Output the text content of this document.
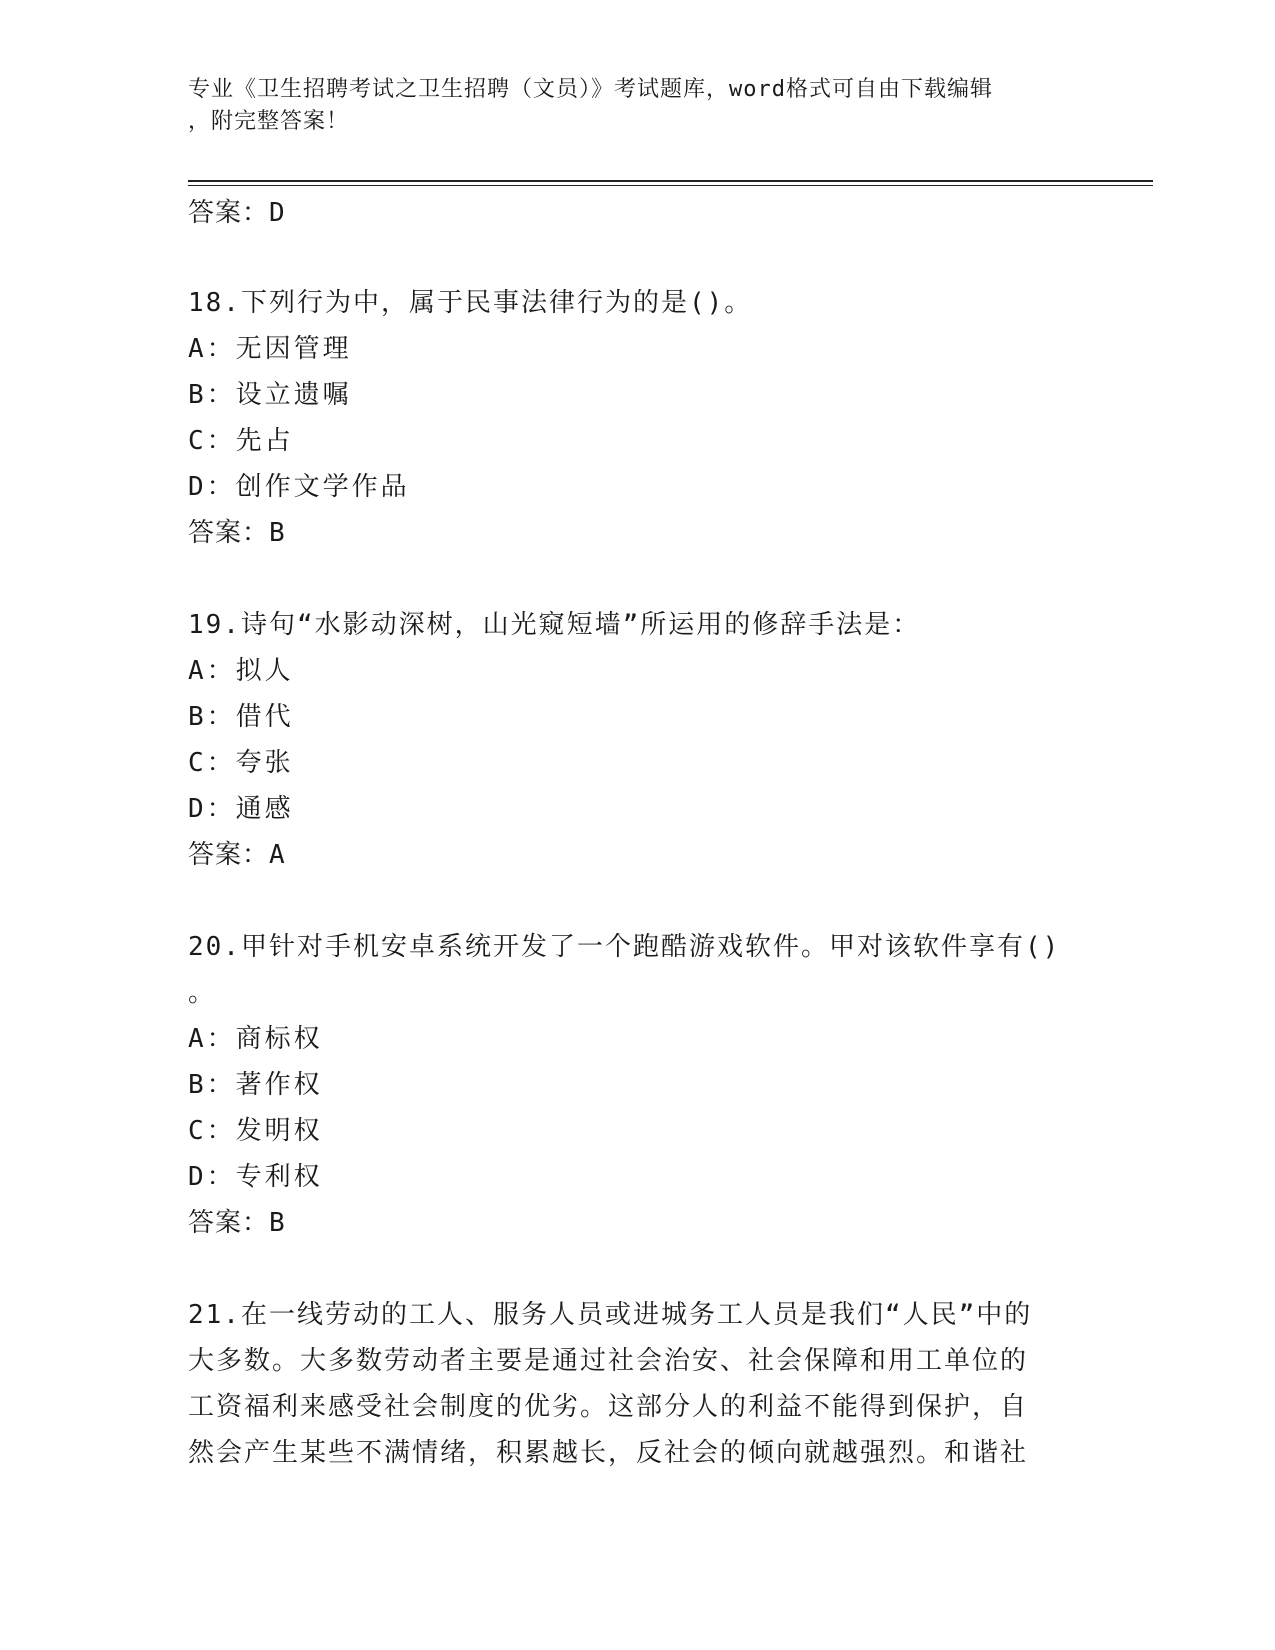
专业《卫生招聘考试之卫生招聘（文员）》考试题库，word格式可自由下载编辑
，附完整答案！
答案：D
18.下列行为中，属于民事法律行为的是()。
A：无因管理
B：设立遗嘱
C：先占
D：创作文学作品
答案：B
19.诗句“水影动深树，山光窥短墙”所运用的修辞手法是：
A：拟人
B：借代
C：夸张
D：通感
答案：A
20.甲针对手机安卓系统开发了一个跑酷游戏软件。甲对该软件享有()
。
A：商标权
B：著作权
C：发明权
D：专利权
答案：B
21.在一线劳动的工人、服务人员或进城务工人员是我们“人民”中的
大多数。大多数劳动者主要是通过社会治安、社会保障和用工单位的
工资福利来感受社会制度的优劣。这部分人的利益不能得到保护，自
然会产生某些不满情绪，积累越长，反社会的倾向就越强烈。和谐社
